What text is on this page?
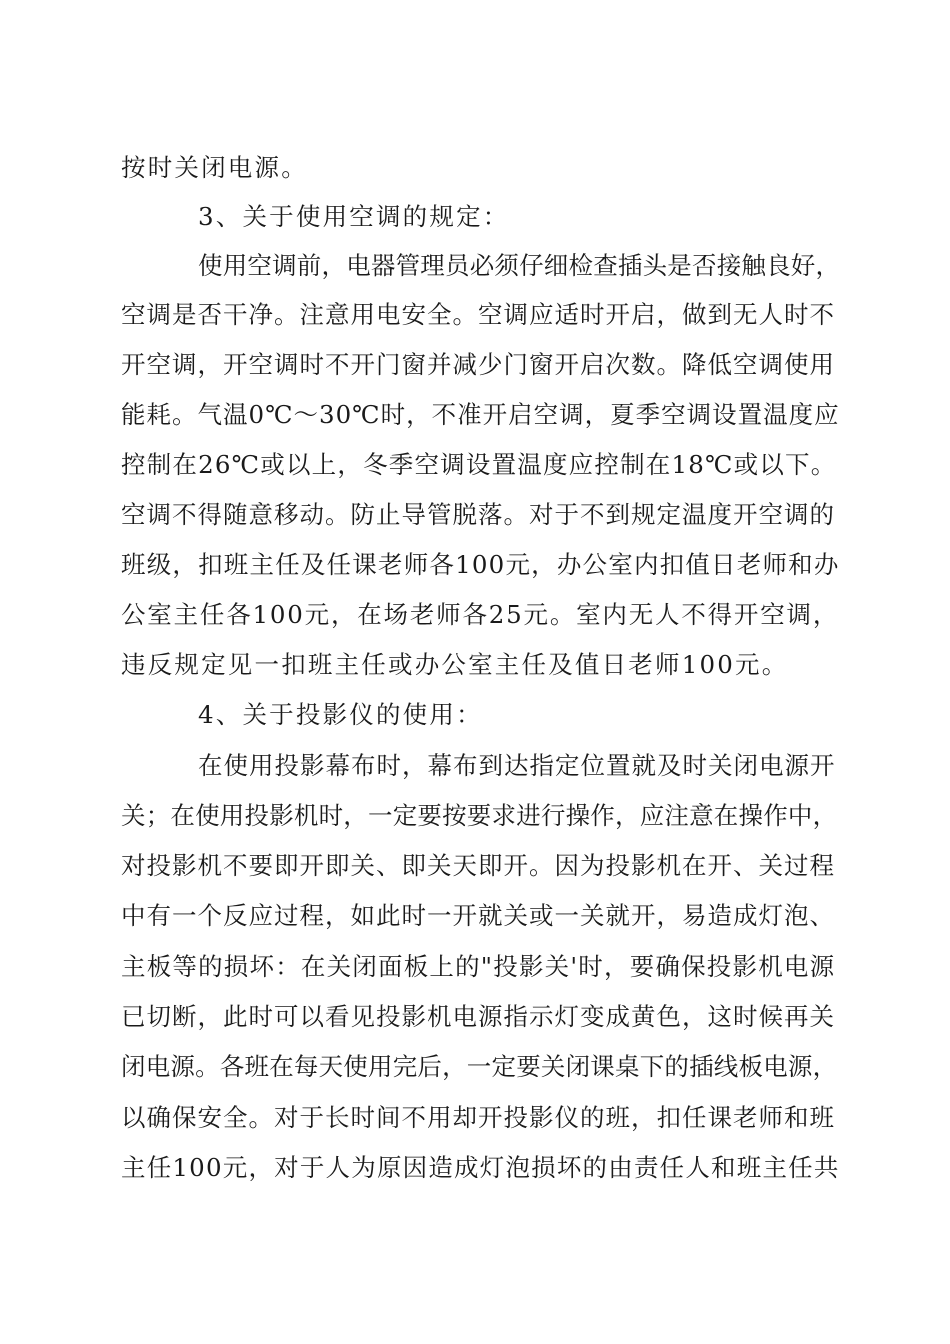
按时关闭电源。
3、关于使用空调的规定：
使用空调前，电器管理员必须仔细检查插头是否接触良好，
空调是否干净。注意用电安全。空调应适时开启，做到无人时不
开空调，开空调时不开门窗并减少门窗开启次数。降低空调使用
能耗。气温0℃～30℃时，不准开启空调，夏季空调设置温度应
控制在26℃或以上，冬季空调设置温度应控制在18℃或以下。
空调不得随意移动。防止导管脱落。对于不到规定温度开空调的
班级，扣班主任及任课老师各100元，办公室内扣值日老师和办
公室主任各100元，在场老师各25元。室内无人不得开空调，
违反规定见一扣班主任或办公室主任及值日老师100元。
4、关于投影仪的使用：
在使用投影幕布时，幕布到达指定位置就及时关闭电源开
关；在使用投影机时，一定要按要求进行操作，应注意在操作中，
对投影机不要即开即关、即关天即开。因为投影机在开、关过程
中有一个反应过程，如此时一开就关或一关就开，易造成灯泡、
主板等的损坏：在关闭面板上的"投影关'时，要确保投影机电源
已切断，此时可以看见投影机电源指示灯变成黄色，这时候再关
闭电源。各班在每天使用完后，一定要关闭课桌下的插线板电源，
以确保安全。对于长时间不用却开投影仪的班，扣任课老师和班
主任100元，对于人为原因造成灯泡损坏的由责任人和班主任共
